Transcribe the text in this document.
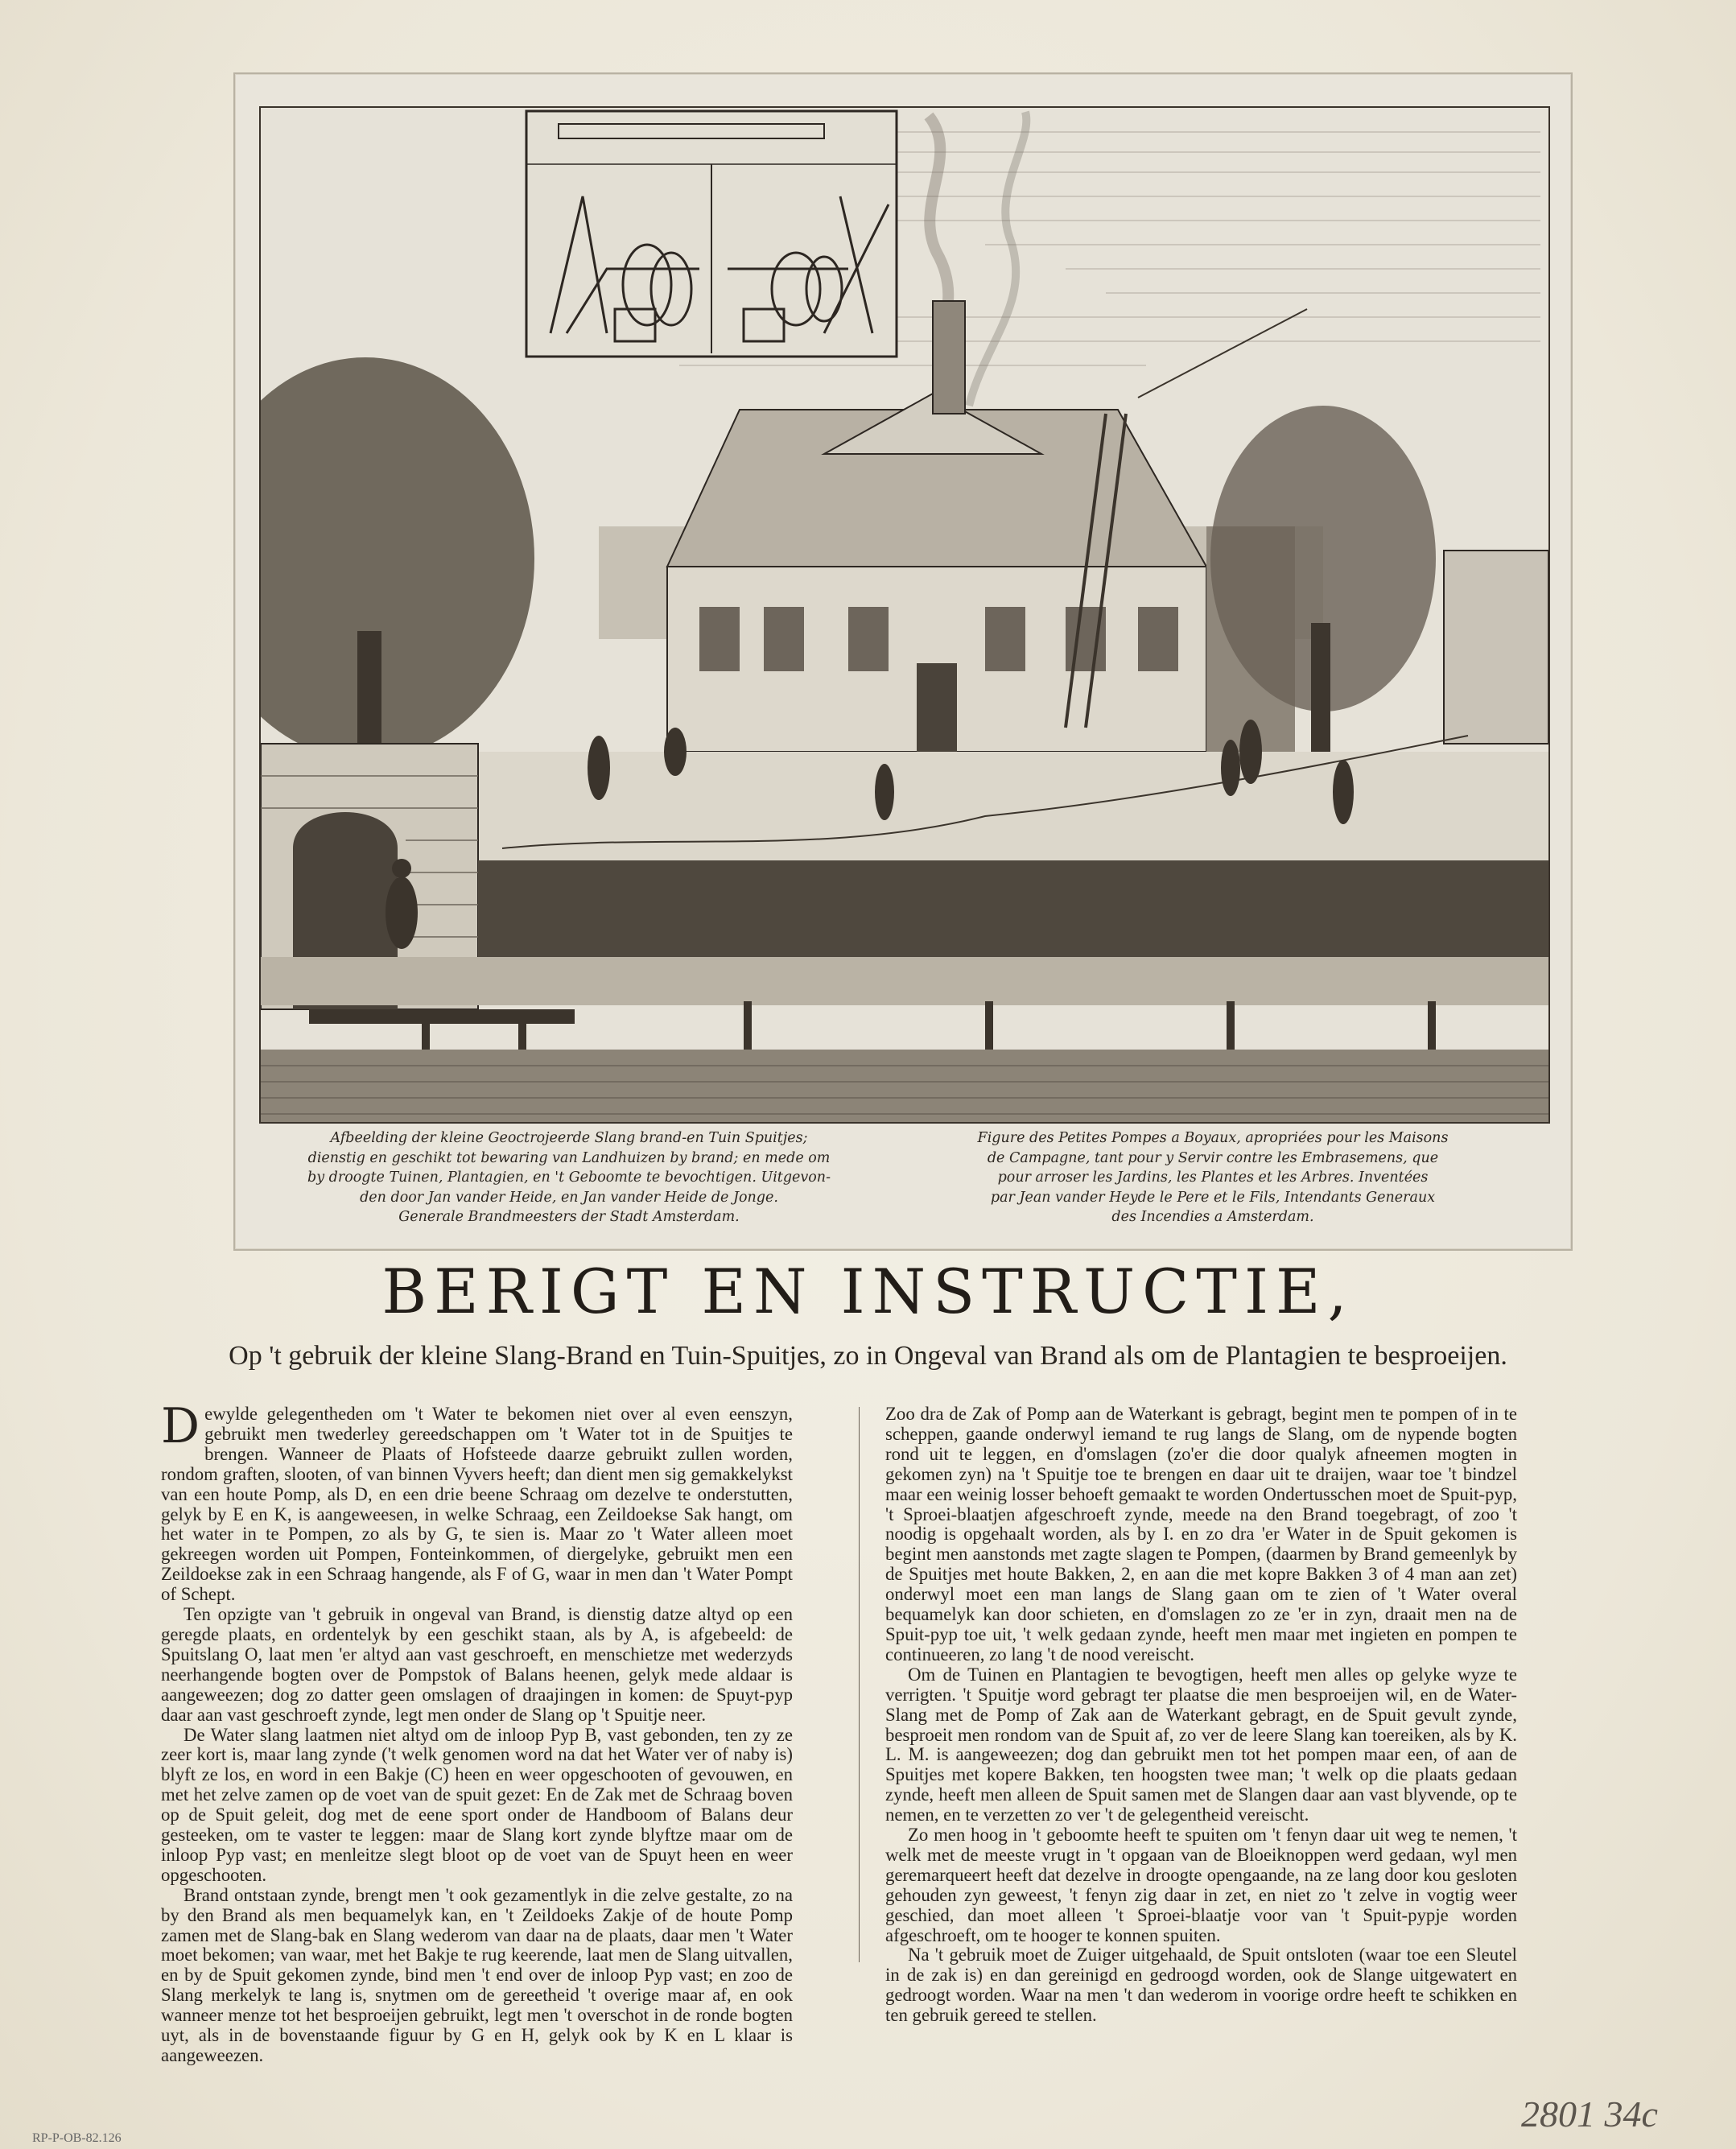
Afbeelding der kleine Geoctrojeerde Slang brand-en Tuin Spuitjes;
dienstig en geschikt tot bewaring van Landhuizen by brand; en mede om
by droogte Tuinen, Plantagien, en 't Geboomte te bevochtigen. Uitgevon-
den door Jan vander Heide, en Jan vander Heide de Jonge.
Generale Brandmeesters der Stadt Amsterdam.
Figure des Petites Pompes a Boyaux, apropriées pour les Maisons
de Campagne, tant pour y Servir contre les Embrasemens, que
pour arroser les Jardins, les Plantes et les Arbres. Inventées
par Jean vander Heyde le Pere et le Fils, Intendants Generaux
des Incendies a Amsterdam.
BERIGT EN INSTRUCTIE,
Op 't gebruik der kleine Slang-Brand en Tuin-Spuitjes, zo in Ongeval van Brand als om de Plantagien te besproeijen.

Dewylde gelegentheden om 't Water te bekomen niet over al even eenszyn, gebruikt men twederley gereedschappen om 't Water tot in de Spuitjes te brengen. Wanneer de Plaats of Hofsteede daarze gebruikt zullen worden, rondom graften, slooten, of van binnen Vyvers heeft; dan dient men sig gemakkelykst van een houte Pomp, als D, en een drie beene Schraag om dezelve te onderstutten, gelyk by E en K, is aangeweesen, in welke Schraag, een Zeildoekse Sak hangt, om het water in te Pompen, zo als by G, te sien is. Maar zo 't Water alleen moet gekreegen worden uit Pompen, Fonteinkommen, of diergelyke, gebruikt men een Zeildoekse zak in een Schraag hangende, als F of G, waar in men dan 't Water Pompt of Schept.

Ten opzigte van 't gebruik in ongeval van Brand, is dienstig datze altyd op een geregde plaats, en ordentelyk by een geschikt staan, als by A, is afgebeeld: de Spuitslang O, laat men 'er altyd aan vast geschroeft, en menschietze met wederzyds neerhangende bogten over de Pompstok of Balans heenen, gelyk mede aldaar is aangeweezen; dog zo datter geen omslagen of draajingen in komen: de Spuyt-pyp daar aan vast geschroeft zynde, legt men onder de Slang op 't Spuitje neer.

De Water slang laatmen niet altyd om de inloop Pyp B, vast gebonden, ten zy ze zeer kort is, maar lang zynde ('t welk genomen word na dat het Water ver of naby is) blyft ze los, en word in een Bakje (C) heen en weer opgeschooten of gevouwen, en met het zelve zamen op de voet van de spuit gezet: En de Zak met de Schraag boven op de Spuit geleit, dog met de eene sport onder de Handboom of Balans deur gesteeken, om te vaster te leggen: maar de Slang kort zynde blyftze maar om de inloop Pyp vast; en menleitze slegt bloot op de voet van de Spuyt heen en weer opgeschooten.

Brand ontstaan zynde, brengt men 't ook gezamentlyk in die zelve gestalte, zo na by den Brand als men bequamelyk kan, en 't Zeildoeks Zakje of de houte Pomp zamen met de Slang-bak en Slang wederom van daar na de plaats, daar men 't Water moet bekomen; van waar, met het Bakje te rug keerende, laat men de Slang uitvallen, en by de Spuit gekomen zynde, bind men 't end over de inloop Pyp vast; en zoo de Slang merkelyk te lang is, snytmen om de gereetheid 't overige maar af, en ook wanneer menze tot het besproeijen gebruikt, legt men 't overschot in de ronde bogten uyt, als in de bovenstaande figuur by G en H, gelyk ook by K en L klaar is aangeweezen.

Zoo dra de Zak of Pomp aan de Waterkant is gebragt, begint men te pompen of in te scheppen, gaande onderwyl iemand te rug langs de Slang, om de nypende bogten rond uit te leggen, en d'omslagen (zo'er die door qualyk afneemen mogten in gekomen zyn) na 't Spuitje toe te brengen en daar uit te draijen, waar toe 't bindzel maar een weinig losser behoeft gemaakt te worden Ondertusschen moet de Spuit-pyp, 't Sproei-blaatjen afgeschroeft zynde, meede na den Brand toegebragt, of zoo 't noodig is opgehaalt worden, als by I. en zo dra 'er Water in de Spuit gekomen is begint men aanstonds met zagte slagen te Pompen, (daarmen by Brand gemeenlyk by de Spuitjes met houte Bakken, 2, en aan die met kopre Bakken 3 of 4 man aan zet) onderwyl moet een man langs de Slang gaan om te zien of 't Water overal bequamelyk kan door schieten, en d'omslagen zo ze 'er in zyn, draait men na de Spuit-pyp toe uit, 't welk gedaan zynde, heeft men maar met ingieten en pompen te continueeren, zo lang 't de nood vereischt.

Om de Tuinen en Plantagien te bevogtigen, heeft men alles op gelyke wyze te verrigten. 't Spuitje word gebragt ter plaatse die men besproeijen wil, en de Water-Slang met de Pomp of Zak aan de Waterkant gebragt, en de Spuit gevult zynde, besproeit men rondom van de Spuit af, zo ver de leere Slang kan toereiken, als by K. L. M. is aangeweezen; dog dan gebruikt men tot het pompen maar een, of aan de Spuitjes met kopere Bakken, ten hoogsten twee man; 't welk op die plaats gedaan zynde, heeft men alleen de Spuit samen met de Slangen daar aan vast blyvende, op te nemen, en te verzetten zo ver 't de gelegentheid vereischt.

Zo men hoog in 't geboomte heeft te spuiten om 't fenyn daar uit weg te nemen, 't welk met de meeste vrugt in 't opgaan van de Bloeiknoppen werd gedaan, wyl men geremarqueert heeft dat dezelve in droogte opengaande, na ze lang door kou gesloten gehouden zyn geweest, 't fenyn zig daar in zet, en niet zo 't zelve in vogtig weer geschied, dan moet alleen 't Sproei-blaatje voor van 't Spuit-pypje worden afgeschroeft, om te hooger te konnen spuiten.

Na 't gebruik moet de Zuiger uitgehaald, de Spuit ontsloten (waar toe een Sleutel in de zak is) en dan gereinigd en gedroogd worden, ook de Slange uitgewatert en gedroogt worden. Waar na men 't dan wederom in voorige ordre heeft te schikken en ten gebruik gereed te stellen.

2801 34c
RP-P-OB-82.126
